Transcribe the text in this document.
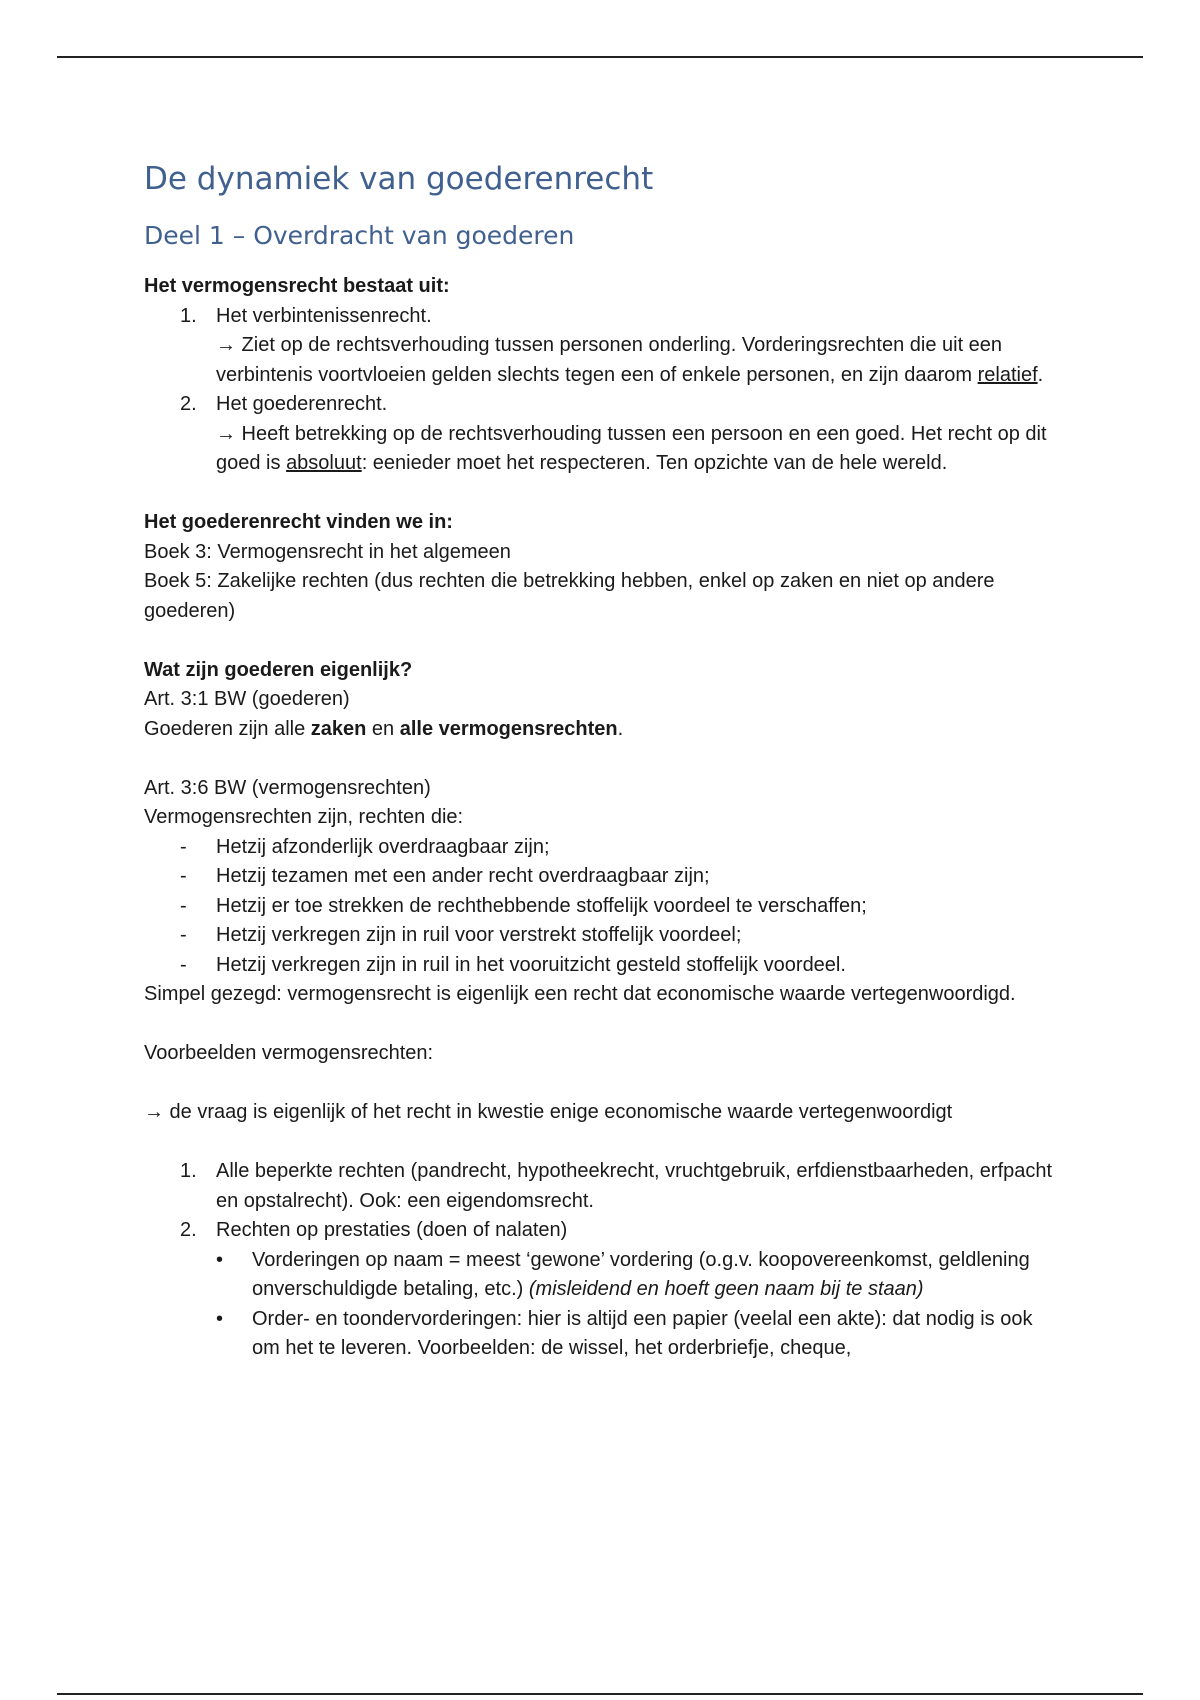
De dynamiek van goederenrecht
Deel 1 – Overdracht van goederen

Het vermogensrecht bestaat uit:

1. Het verbintenissenrecht.
→ Ziet op de rechtsverhouding tussen personen onderling. Vorderingsrechten die uit een verbintenis voortvloeien gelden slechts tegen een of enkele personen, en zijn daarom relatief.
2. Het goederenrecht.
→ Heeft betrekking op de rechtsverhouding tussen een persoon en een goed. Het recht op dit goed is absoluut: eenieder moet het respecteren. Ten opzichte van de hele wereld.

Het goederenrecht vinden we in:

Boek 3: Vermogensrecht in het algemeen

Boek 5: Zakelijke rechten (dus rechten die betrekking hebben, enkel op zaken en niet op andere goederen)

Wat zijn goederen eigenlijk?

Art. 3:1 BW (goederen)

Goederen zijn alle zaken en alle vermogensrechten.

Art. 3:6 BW (vermogensrechten)

Vermogensrechten zijn, rechten die:

- Hetzij afzonderlijk overdraagbaar zijn;
- Hetzij tezamen met een ander recht overdraagbaar zijn;
- Hetzij er toe strekken de rechthebbende stoffelijk voordeel te verschaffen;
- Hetzij verkregen zijn in ruil voor verstrekt stoffelijk voordeel;
- Hetzij verkregen zijn in ruil in het vooruitzicht gesteld stoffelijk voordeel.

Simpel gezegd: vermogensrecht is eigenlijk een recht dat economische waarde vertegenwoordigd.

Voorbeelden vermogensrechten:

→ de vraag is eigenlijk of het recht in kwestie enige economische waarde vertegenwoordigt

1. Alle beperkte rechten (pandrecht, hypotheekrecht, vruchtgebruik, erfdienstbaarheden, erfpacht en opstalrecht). Ook: een eigendomsrecht.
2. Rechten op prestaties (doen of nalaten)
• Vorderingen op naam = meest ‘gewone’ vordering (o.g.v. koopovereenkomst, geldlening onverschuldigde betaling, etc.) (misleidend en hoeft geen naam bij te staan)
• Order- en toondervorderingen: hier is altijd een papier (veelal een akte): dat nodig is ook om het te leveren. Voorbeelden: de wissel, het orderbriefje, cheque,
